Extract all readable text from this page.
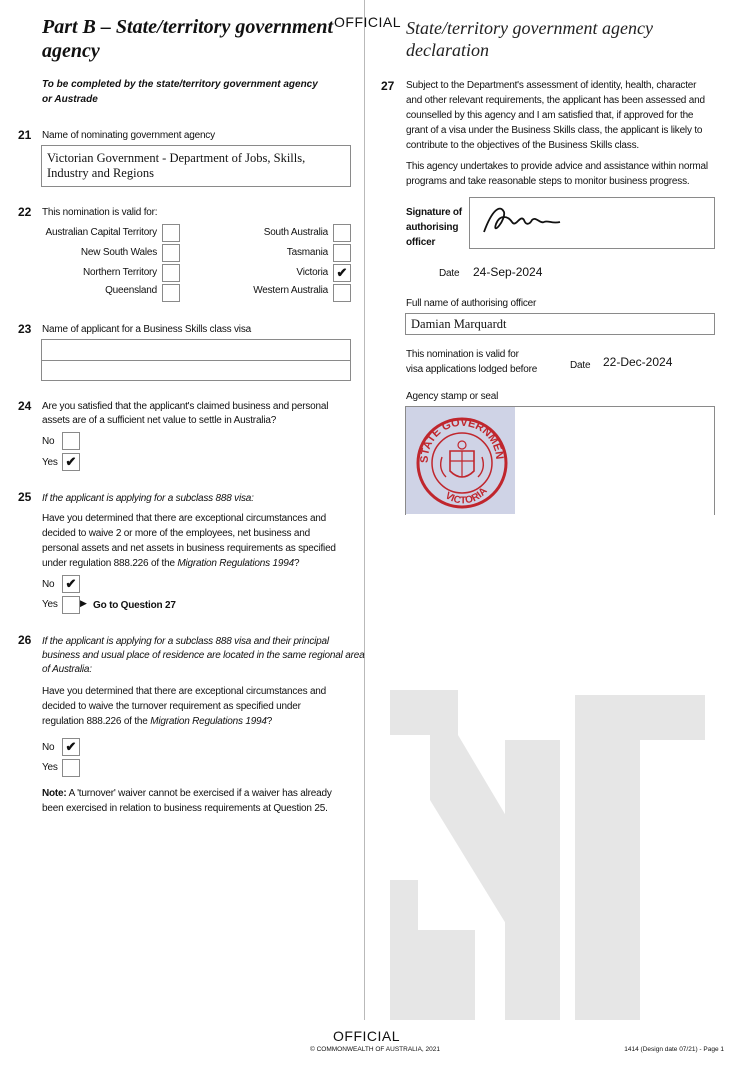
OFFICIAL
Part B – State/territory government
agency
State/territory government agency
declaration
To be completed by the state/territory government agency
or Austrade
21 Name of nominating government agency
Victorian Government - Department of Jobs, Skills,
Industry and Regions
22 This nomination is valid for:
Australian Capital Territory
New South Wales
Northern Territory
Queensland
South Australia
Tasmania
Victoria ✔
Western Australia
23 Name of applicant for a Business Skills class visa
24 Are you satisfied that the applicant's claimed business and personal
assets are of a sufficient net value to settle in Australia?
No
Yes ✔
25 If the applicant is applying for a subclass 888 visa:
Have you determined that there are exceptional circumstances and
decided to waive 2 or more of the employees, net business and
personal assets and net assets in business requirements as specified
under regulation 888.226 of the Migration Regulations 1994?
No ✔
Yes ▶ Go to Question 27
26 If the applicant is applying for a subclass 888 visa and their principal
business and usual place of residence are located in the same regional area
of Australia:
Have you determined that there are exceptional circumstances and
decided to waive the turnover requirement as specified under
regulation 888.226 of the Migration Regulations 1994?
No ✔
Yes
Note: A 'turnover' waiver cannot be exercised if a waiver has already
been exercised in relation to business requirements at Question 25.
27 Subject to the Department's assessment of identity, health, character
and other relevant requirements, the applicant has been assessed and
counselled by this agency and I am satisfied that, if approved for the
grant of a visa under the Business Skills class, the applicant is likely to
contribute to the objectives of the Business Skills class.
This agency undertakes to provide advice and assistance within normal
programs and take reasonable steps to monitor business progress.
Signature of
authorising
officer
Date 24-Sep-2024
Full name of authorising officer
Damian Marquardt
This nomination is valid for
visa applications lodged before	Date 22-Dec-2024
Agency stamp or seal
STATE GOVERNMEN
VICTORIA
OFFICIAL
© COMMONWEALTH OF AUSTRALIA, 2021	1414 (Design date 07/21) - Page 1
